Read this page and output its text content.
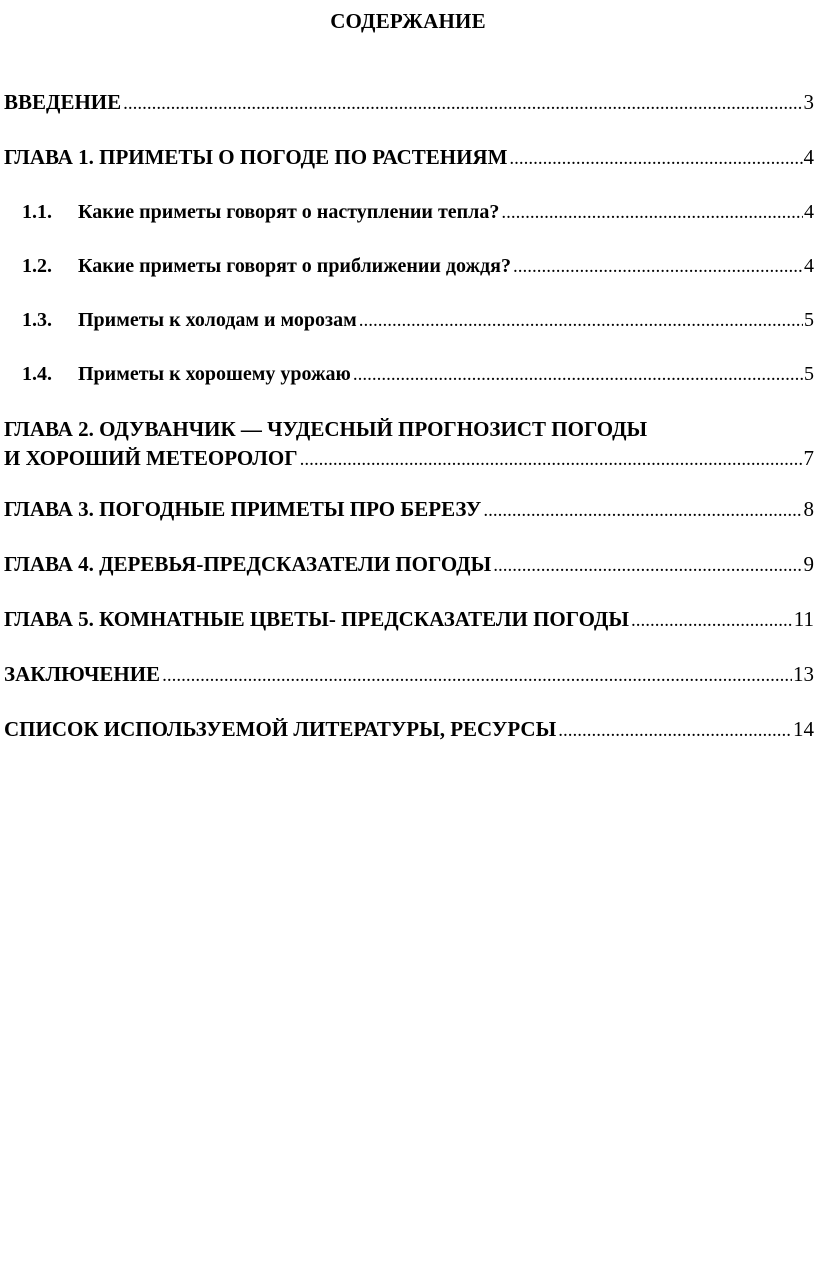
СОДЕРЖАНИЕ
ВВЕДЕНИЕ .....	3
ГЛАВА 1. ПРИМЕТЫ О ПОГОДЕ ПО РАСТЕНИЯМ .....	4
1.1.	Какие приметы говорят о наступлении тепла? .....	4
1.2.	Какие приметы говорят о приближении дождя? .....	4
1.3.	Приметы к холодам и морозам .....	5
1.4.	Приметы к хорошему урожаю .....	5
ГЛАВА 2. ОДУВАНЧИК — ЧУДЕСНЫЙ ПРОГНОЗИСТ ПОГОДЫ
И ХОРОШИЙ МЕТЕОРОЛОГ .....	7
ГЛАВА 3. ПОГОДНЫЕ ПРИМЕТЫ ПРО БЕРЕЗУ .....	8
ГЛАВА 4. ДЕРЕВЬЯ-ПРЕДСКАЗАТЕЛИ ПОГОДЫ .....	9
ГЛАВА 5. КОМНАТНЫЕ ЦВЕТЫ- ПРЕДСКАЗАТЕЛИ ПОГОДЫ .....	11
ЗАКЛЮЧЕНИЕ .....	13
СПИСОК ИСПОЛЬЗУЕМОЙ ЛИТЕРАТУРЫ, РЕСУРСЫ .....	14
